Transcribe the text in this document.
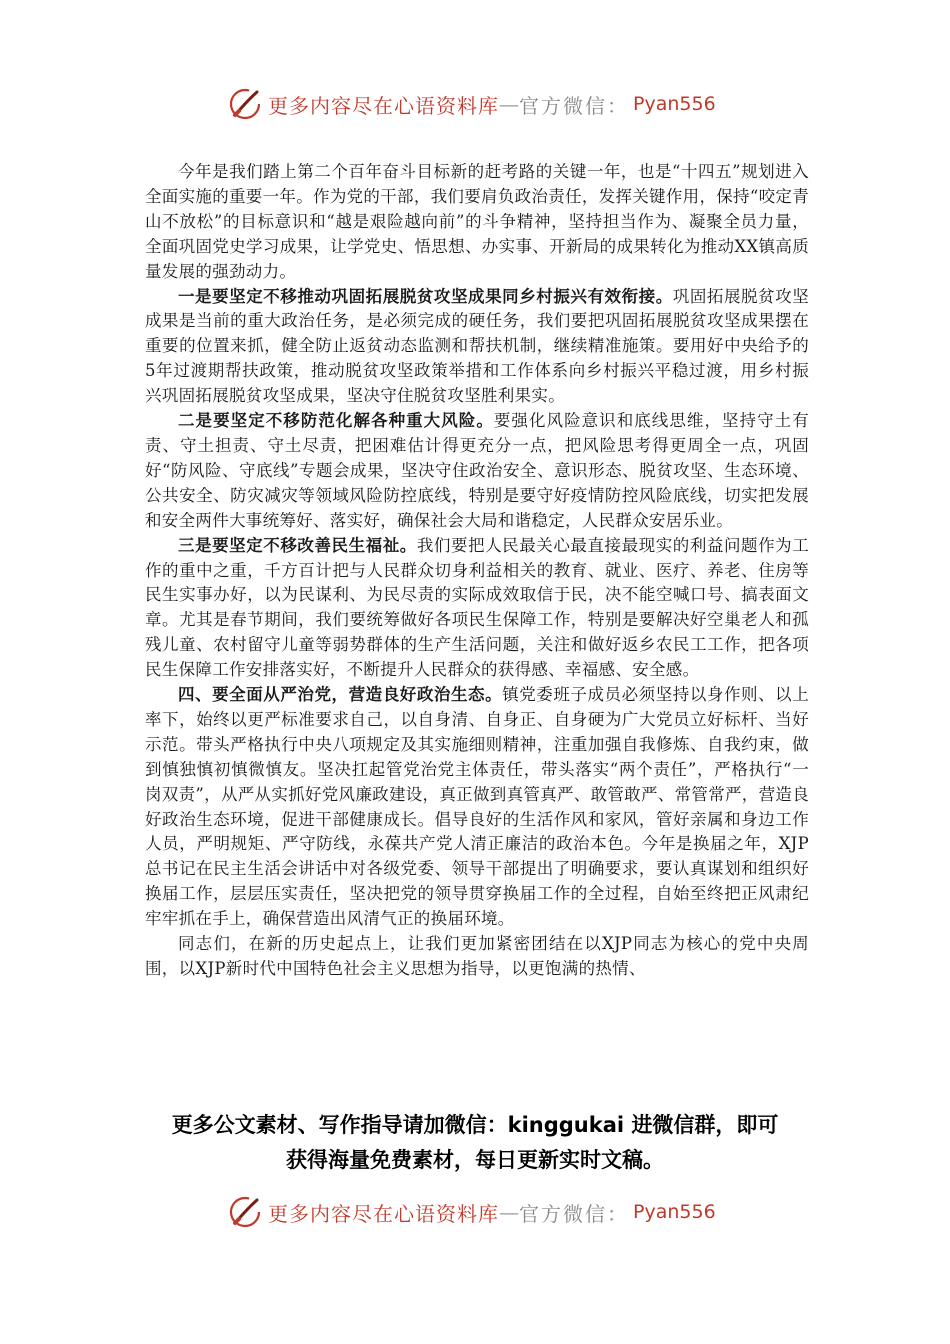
更多内容尽在心语资料库 — 官方微信： Pyan556

今年是我们踏上第二个百年奋斗目标新的赶考路的关键一年，也是“十四五”规划进入全面实施的重要一年。作为党的干部，我们要肩负政治责任，发挥关键作用，保持“咬定青山不放松”的目标意识和“越是艰险越向前”的斗争精神，坚持担当作为、凝聚全员力量，全面巩固党史学习成果，让学党史、悟思想、办实事、开新局的成果转化为推动XX镇高质量发展的强劲动力。

一是要坚定不移推动巩固拓展脱贫攻坚成果同乡村振兴有效衔接。巩固拓展脱贫攻坚成果是当前的重大政治任务，是必须完成的硬任务，我们要把巩固拓展脱贫攻坚成果摆在重要的位置来抓，健全防止返贫动态监测和帮扶机制，继续精准施策。要用好中央给予的5年过渡期帮扶政策，推动脱贫攻坚政策举措和工作体系向乡村振兴平稳过渡，用乡村振兴巩固拓展脱贫攻坚成果，坚决守住脱贫攻坚胜利果实。

二是要坚定不移防范化解各种重大风险。要强化风险意识和底线思维，坚持守土有责、守土担责、守土尽责，把困难估计得更充分一点，把风险思考得更周全一点，巩固好“防风险、守底线”专题会成果，坚决守住政治安全、意识形态、脱贫攻坚、生态环境、公共安全、防灾减灾等领域风险防控底线，特别是要守好疫情防控风险底线，切实把发展和安全两件大事统筹好、落实好，确保社会大局和谐稳定，人民群众安居乐业。

三是要坚定不移改善民生福祉。我们要把人民最关心最直接最现实的利益问题作为工作的重中之重，千方百计把与人民群众切身利益相关的教育、就业、医疗、养老、住房等民生实事办好，以为民谋利、为民尽责的实际成效取信于民，决不能空喊口号、搞表面文章。尤其是春节期间，我们要统筹做好各项民生保障工作，特别是要解决好空巢老人和孤残儿童、农村留守儿童等弱势群体的生产生活问题，关注和做好返乡农民工工作，把各项民生保障工作安排落实好，不断提升人民群众的获得感、幸福感、安全感。

四、要全面从严治党，营造良好政治生态。镇党委班子成员必须坚持以身作则、以上率下，始终以更严标准要求自己，以自身清、自身正、自身硬为广大党员立好标杆、当好示范。带头严格执行中央八项规定及其实施细则精神，注重加强自我修炼、自我约束，做到慎独慎初慎微慎友。坚决扛起管党治党主体责任，带头落实“两个责任”，严格执行“一岗双责”，从严从实抓好党风廉政建设，真正做到真管真严、敢管敢严、常管常严，营造良好政治生态环境，促进干部健康成长。倡导良好的生活作风和家风，管好亲属和身边工作人员，严明规矩、严守防线，永葆共产党人清正廉洁的政治本色。今年是换届之年，XJP总书记在民主生活会讲话中对各级党委、领导干部提出了明确要求，要认真谋划和组织好换届工作，层层压实责任，坚决把党的领导贯穿换届工作的全过程，自始至终把正风肃纪牢牢抓在手上，确保营造出风清气正的换届环境。

同志们，在新的历史起点上，让我们更加紧密团结在以XJP同志为核心的党中央周围，以XJP新时代中国特色社会主义思想为指导，以更饱满的热情、

更多公文素材、写作指导请加微信：kinggukai 进微信群，即可
获得海量免费素材，每日更新实时文稿。
更多内容尽在心语资料库 — 官方微信： Pyan556
